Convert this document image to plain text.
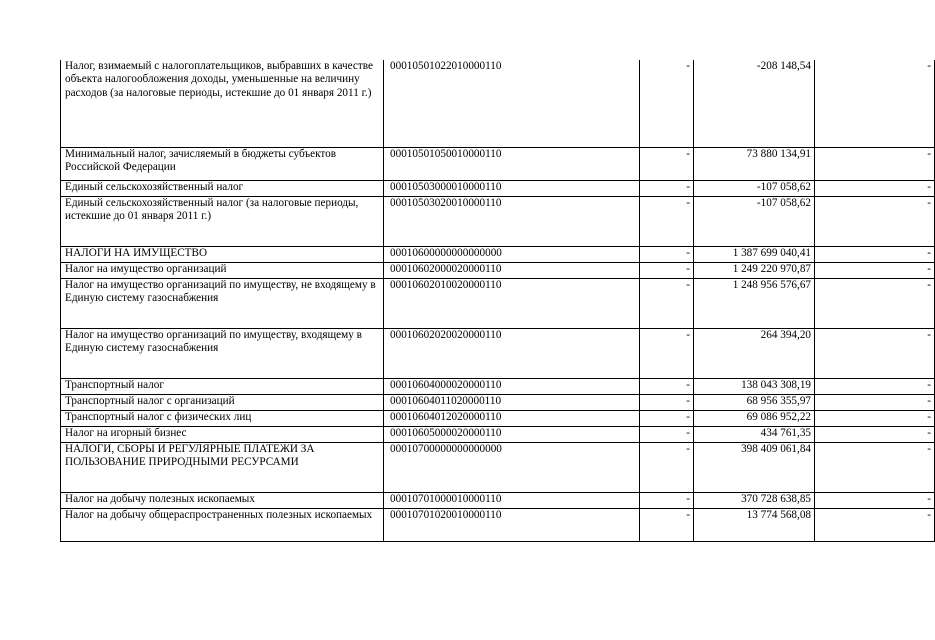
Налог, взимаемый с налогоплательщиков, выбравших в качестве объекта налогообложения доходы, уменьшенные на величину расходов (за налоговые периоды, истекшие до 01 января 2011 г.)	00010501022010000110	-	-208 148,54	-
Минимальный налог, зачисляемый в бюджеты субъектов Российской Федерации	00010501050010000110	-	73 880 134,91	-
Единый сельскохозяйственный налог	00010503000010000110	-	-107 058,62	-
Единый сельскохозяйственный налог (за налоговые периоды, истекшие до 01 января 2011 г.)	00010503020010000110	-	-107 058,62	-
НАЛОГИ НА ИМУЩЕСТВО	00010600000000000000	-	1 387 699 040,41	-
Налог на имущество организаций	00010602000020000110	-	1 249 220 970,87	-
Налог на имущество организаций по имуществу, не входящему в Единую систему газоснабжения	00010602010020000110	-	1 248 956 576,67	-
Налог на имущество организаций по имуществу, входящему в Единую систему газоснабжения	00010602020020000110	-	264 394,20	-
Транспортный налог	00010604000020000110	-	138 043 308,19	-
Транспортный налог с организаций	00010604011020000110	-	68 956 355,97	-
Транспортный налог с физических лиц	00010604012020000110	-	69 086 952,22	-
Налог на игорный бизнес	00010605000020000110	-	434 761,35	-
НАЛОГИ, СБОРЫ И РЕГУЛЯРНЫЕ ПЛАТЕЖИ ЗА ПОЛЬЗОВАНИЕ ПРИРОДНЫМИ РЕСУРСАМИ	00010700000000000000	-	398 409 061,84	-
Налог на добычу полезных ископаемых	00010701000010000110	-	370 728 638,85	-
Налог на добычу общераспространенных полезных ископаемых	00010701020010000110	-	13 774 568,08	-
